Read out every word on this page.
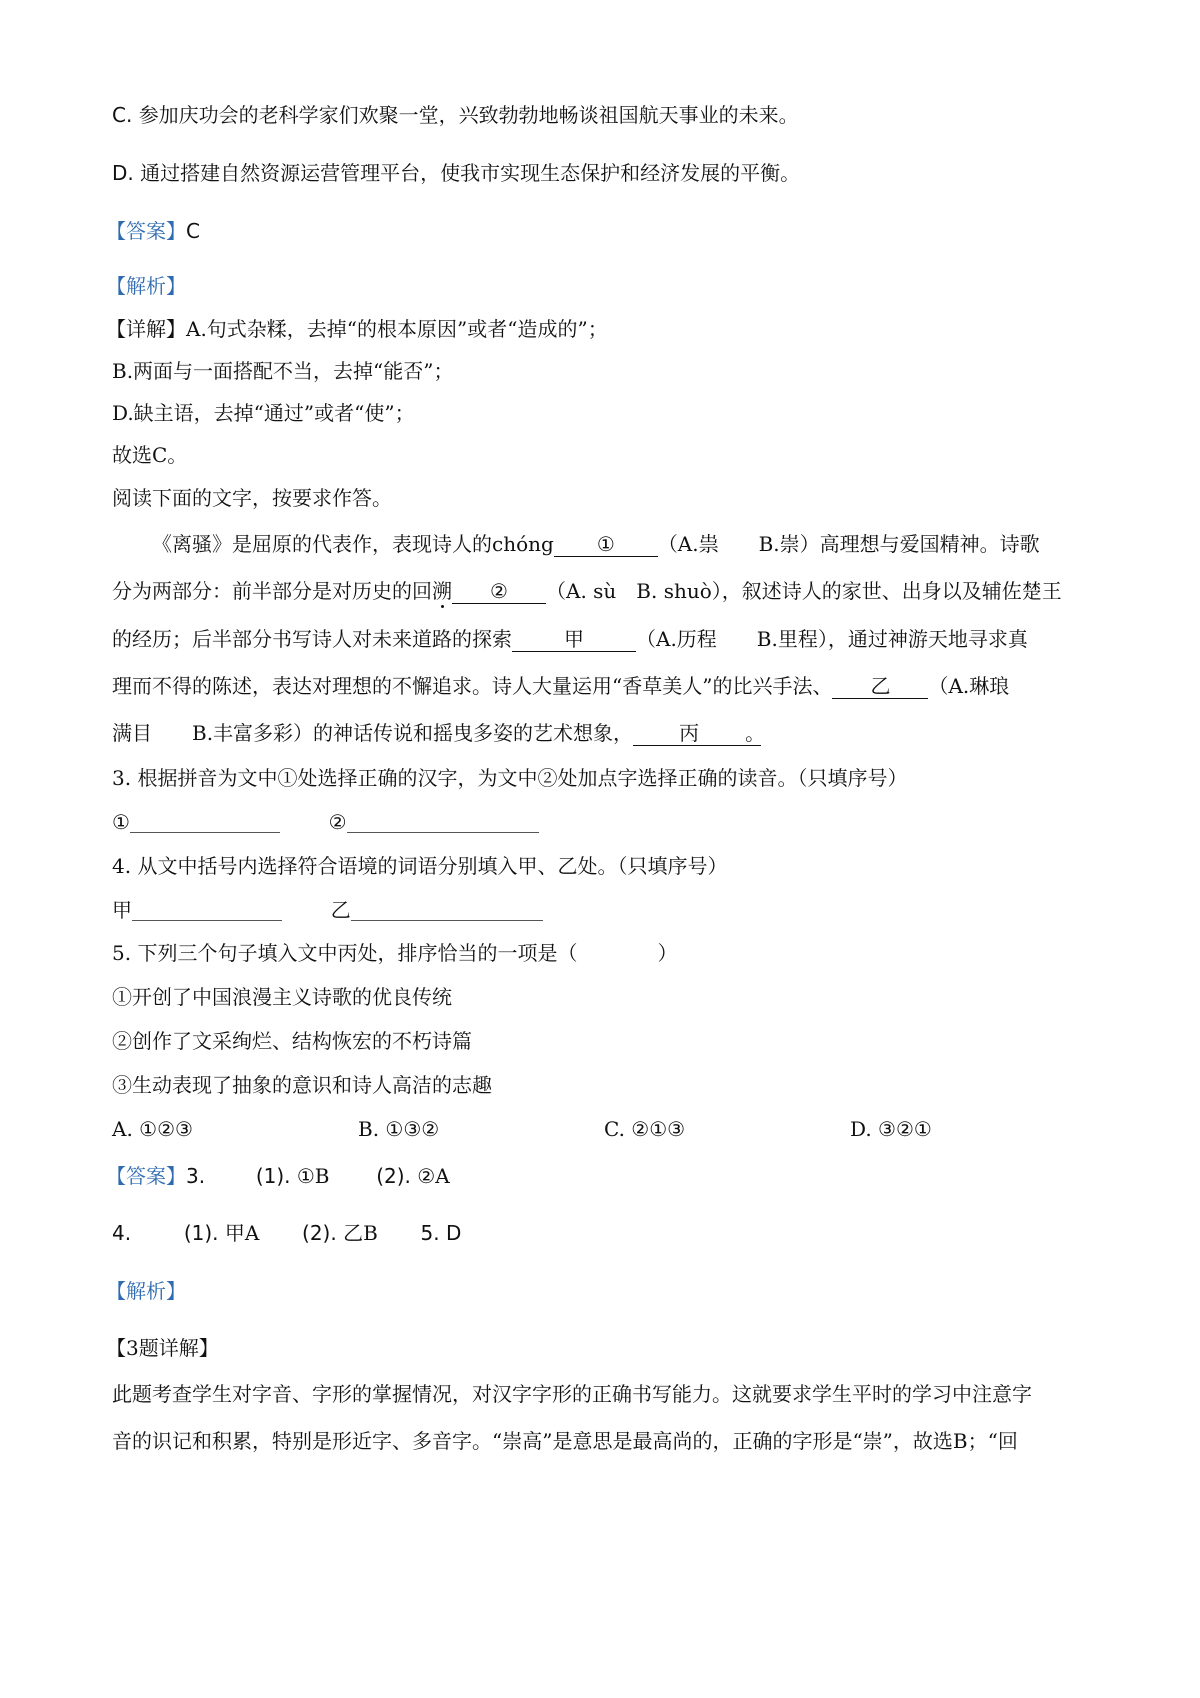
C. 参加庆功会的老科学家们欢聚一堂，兴致勃勃地畅谈祖国航天事业的未来。
D. 通过搭建自然资源运营管理平台，使我市实现生态保护和经济发展的平衡。
【答案】C
【解析】
【详解】A.句式杂糅，去掉“的根本原因”或者“造成的”；
B.两面与一面搭配不当，去掉“能否”；
D.缺主语，去掉“通过”或者“使”；
故选C。
阅读下面的文字，按要求作答。
《离骚》是屈原的代表作，表现诗人的chóng ① （A.祟　　B.崇）高理想与爱国精神。诗歌
分为两部分：前半部分是对历史的回溯 ② （A. sù　B. shuò），叙述诗人的家世、出身以及辅佐楚王
的经历；后半部分书写诗人对未来道路的探索	甲	（A.历程　　B.里程），通过神游天地寻求真
理而不得的陈述，表达对理想的不懈追求。诗人大量运用“香草美人”的比兴手法、 乙 （A.琳琅
满目　　B.丰富多彩）的神话传说和摇曳多姿的艺术想象， 丙 。
3. 根据拼音为文中①处选择正确的汉字，为文中②处加点字选择正确的读音。（只填序号）
①	②
4. 从文中括号内选择符合语境的词语分别填入甲、乙处。（只填序号）
甲	乙
5. 下列三个句子填入文中丙处，排序恰当的一项是（　　　　）
①开创了中国浪漫主义诗歌的优良传统
②创作了文采绚烂、结构恢宏的不朽诗篇
③生动表现了抽象的意识和诗人高洁的志趣
A. ①②③	B. ①③②	C. ②①③	D. ③②①
【答案】3.	(1). ①B (2). ②A
4.	(1). 甲A (2). 乙B 5. D
【解析】
【3题详解】
此题考查学生对字音、字形的掌握情况，对汉字字形的正确书写能力。这就要求学生平时的学习中注意字
音的识记和积累，特别是形近字、多音字。“崇高”是意思是最高尚的，正确的字形是“崇”，故选B；“回
